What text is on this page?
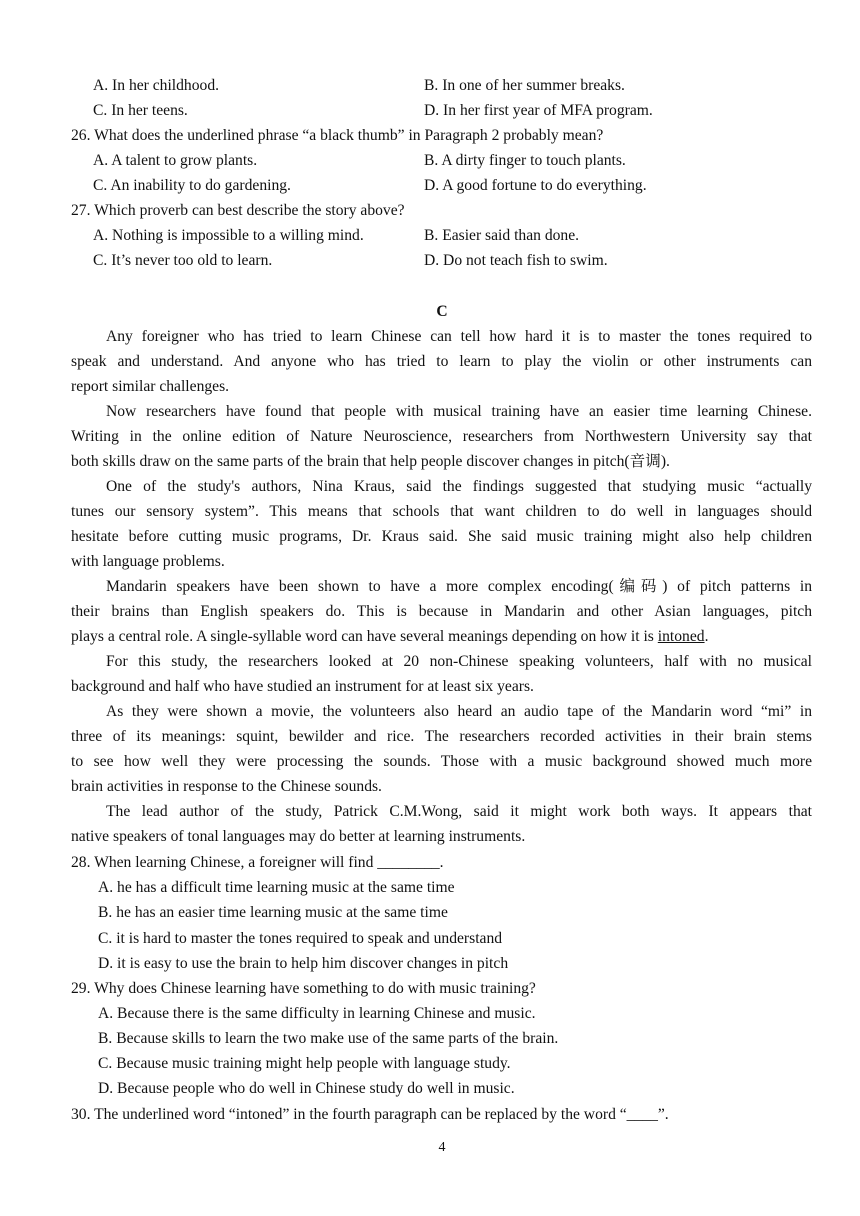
A. In her childhood.	B. In one of her summer breaks.
C. In her teens.	D. In her first year of MFA program.
26. What does the underlined phrase “a black thumb” in Paragraph 2 probably mean?
A. A talent to grow plants.	B. A dirty finger to touch plants.
C. An inability to do gardening.	D. A good fortune to do everything.
27. Which proverb can best describe the story above?
A. Nothing is impossible to a willing mind.	B. Easier said than done.
C. It’s never too old to learn.	D. Do not teach fish to swim.
C
Any foreigner who has tried to learn Chinese can tell how hard it is to master the tones required to
speak and understand. And anyone who has tried to learn to play the violin or other instruments can
report similar challenges.
Now researchers have found that people with musical training have an easier time learning Chinese.
Writing in the online edition of Nature Neuroscience, researchers from Northwestern University say that
both skills draw on the same parts of the brain that help people discover changes in pitch(音调).
One of the study's authors, Nina Kraus, said the findings suggested that studying music “actually
tunes our sensory system”. This means that schools that want children to do well in languages should
hesitate before cutting music programs, Dr. Kraus said. She said music training might also help children
with language problems.
Mandarin speakers have been shown to have a more complex encoding(编码) of pitch patterns in
their brains than English speakers do. This is because in Mandarin and other Asian languages, pitch
plays a central role. A single-syllable word can have several meanings depending on how it is intoned.
For this study, the researchers looked at 20 non-Chinese speaking volunteers, half with no musical
background and half who have studied an instrument for at least six years.
As they were shown a movie, the volunteers also heard an audio tape of the Mandarin word “mi” in
three of its meanings: squint, bewilder and rice. The researchers recorded activities in their brain stems
to see how well they were processing the sounds. Those with a music background showed much more
brain activities in response to the Chinese sounds.
The lead author of the study, Patrick C.M.Wong, said it might work both ways. It appears that
native speakers of tonal languages may do better at learning instruments.
28. When learning Chinese, a foreigner will find ________.
A. he has a difficult time learning music at the same time
B. he has an easier time learning music at the same time
C. it is hard to master the tones required to speak and understand
D. it is easy to use the brain to help him discover changes in pitch
29. Why does Chinese learning have something to do with music training?
A. Because there is the same difficulty in learning Chinese and music.
B. Because skills to learn the two make use of the same parts of the brain.
C. Because music training might help people with language study.
D. Because people who do well in Chinese study do well in music.
30. The underlined word “intoned” in the fourth paragraph can be replaced by the word “____”.
4
